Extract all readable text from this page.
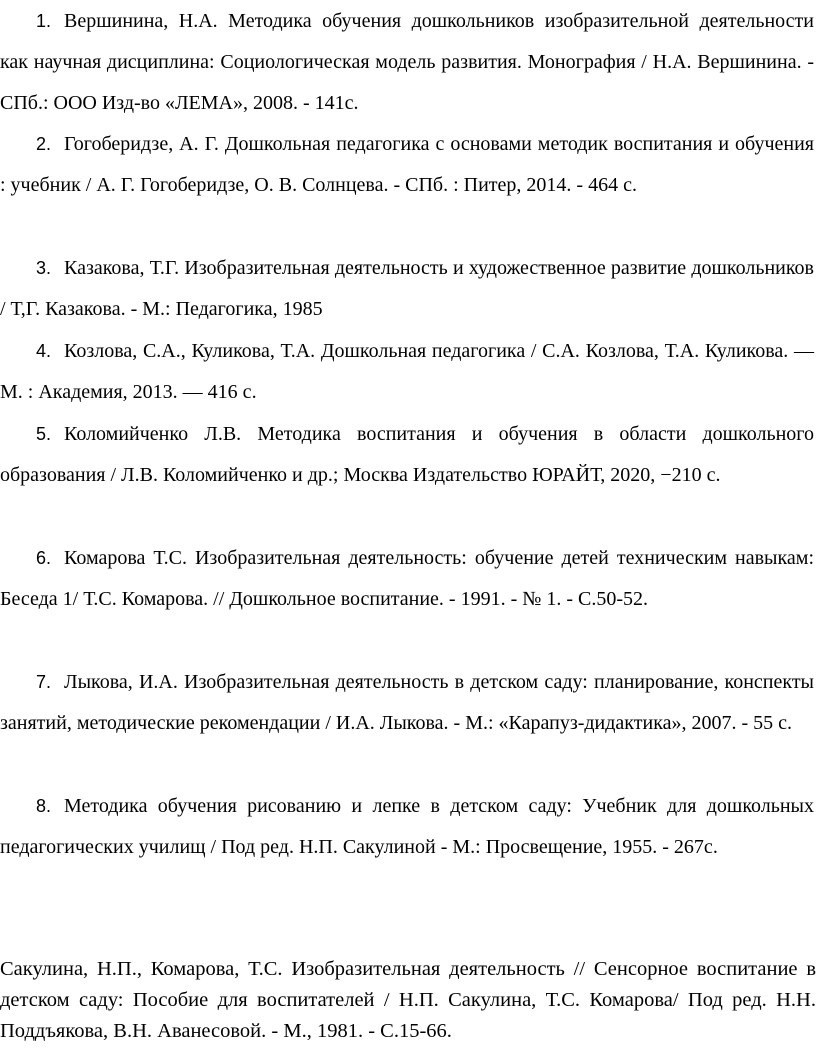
1. Вершинина, Н.А. Методика обучения дошкольников изобразительной деятельности как научная дисциплина: Социологическая модель развития. Монография / Н.А. Вершинина. - СПб.: ООО Изд-во «ЛЕМА», 2008. - 141с.
2. Гогоберидзе, А. Г. Дошкольная педагогика с основами методик воспитания и обучения : учебник / А. Г. Гогоберидзе, О. В. Солнцева. - СПб. : Питер, 2014. - 464 с.
3. Казакова, Т.Г. Изобразительная деятельность и художественное развитие дошкольников / Т,Г. Казакова. - М.: Педагогика, 1985
4. Козлова, С.А., Куликова, Т.А. Дошкольная педагогика / С.А. Козлова, Т.А. Куликова. — М. : Академия, 2013. — 416 с.
5. Коломийченко Л.В. Методика воспитания и обучения в области дошкольного образования / Л.В. Коломийченко и др.; Москва Издательство ЮРАЙТ, 2020, −210 с.
6. Комарова Т.С. Изобразительная деятельность: обучение детей техническим навыкам: Беседа 1/ Т.С. Комарова. // Дошкольное воспитание. - 1991. - № 1. - С.50-52.
7. Лыкова, И.А. Изобразительная деятельность в детском саду: планирование, конспекты занятий, методические рекомендации / И.А. Лыкова. - М.: «Карапуз-дидактика», 2007. - 55 с.
8. Методика обучения рисованию и лепке в детском саду: Учебник для дошкольных педагогических училищ / Под ред. Н.П. Сакулиной - М.: Просвещение, 1955. - 267с.
Сакулина, Н.П., Комарова, Т.С. Изобразительная деятельность // Сенсорное воспитание в детском саду: Пособие для воспитателей / Н.П. Сакулина, Т.С. Комарова/ Под ред. Н.Н. Поддъякова, В.Н. Аванесовой. - М., 1981. - С.15-66.
